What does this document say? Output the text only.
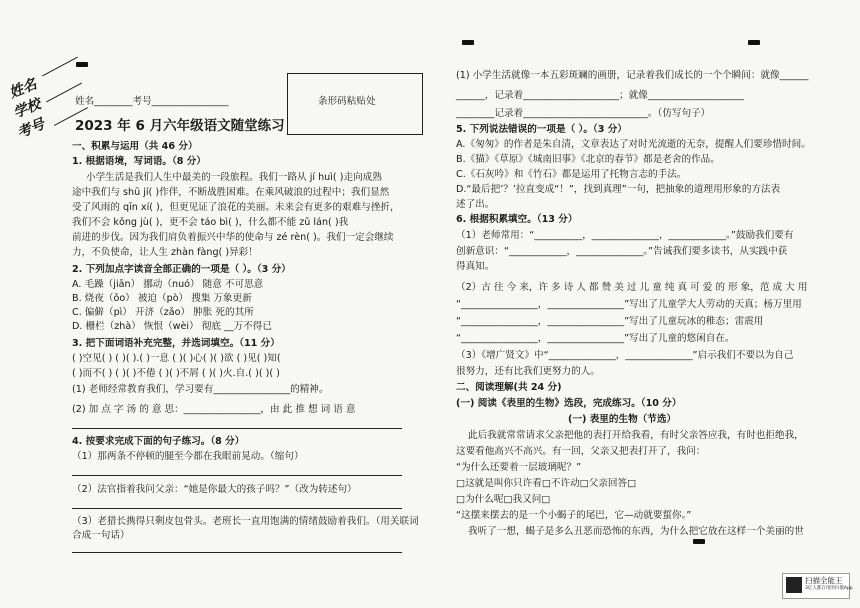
姓名
学校
考号
姓名________考号________________	条形码粘贴处
2023 年 6 月六年级语文随堂练习
一、积累与运用（共 46 分）
1. 根据语境，写词语。（8 分）
小学生活是我们人生中最美的一段旅程。我们一路从 jí huì( )走向成熟
途中我们与 shū jí( )作伴，不断战胜困难。在乘风破浪的过程中；我们显然
受了风雨的 qīn xí( )，但更见证了浪花的美丽。未来会有更多的艰难与挫折，
我们不会 kǒng jù( )，更不会 táo bì( )，什么都不能 zǔ lán( )我
前进的步伐。因为我们肩负着振兴中华的使命与 zé rèn( )。我们一定会继续
力，不负使命，让人生 zhàn fàng( )异彩！
2. 下列加点字读音全部正确的一项是（ ）。（3 分）
A. 毛躁（jiān） 挪动（nuó） 随意 不可思意
B. 烧夜（ōo） 被迫（pò） 搜集 万象更新
C. 偏僻（pì） 开济（zǎo） 肿胀 死的其所
D. 栅栏（zhà） 恢恨（wèi） 彻底 __万不得已
3. 把下面词语补充完整，并选词填空。（11 分）
( )空见( ) ( )( ).( )一息 ( )( )心( )( )欲 ( )见( )知(
( )而不( ) ( )( )不倦 ( )( )不屑 ( )( )火.自.( )( )( )
(1) 老师经常教育我们，学习要有________________的精神。
(2) 加 点 字 汤 的 意 思：________________，由 此 推 想 词 语 意
4. 按要求完成下面的句子练习。（8 分）
（1）那两条不停顿的腿至今都在我眼前晃动。（缩句）
（2）法官指着我问父亲：“她是你最大的孩子吗？”（改为转述句）
（3）老猎长携得只剩皮包骨头。老班长一直用饱满的情绪鼓励着我们。（用关联词
合成一句话）
(1) 小学生活就像一本五彩斑斓的画册，记录着我们成长的一个个瞬间：就像______
______，记录着____________________；就像____________________
________记录着__________________________。（仿写句子）
5. 下列说法错误的一项是（ ）。（3 分）
A.《匆匆》的作者是朱自清，文章表达了对时光流逝的无奈，提醒人们要珍惜时间。
B.《猫》《草原》《城南旧事》《北京的春节》都是老舍的作品。
C.《石灰吟》和《竹石》都是运用了托物言志的手法。
D.“最后把’？’拉直变成“！”，找到真理”一句，把抽象的道理用形象的方法表
述了出。
6. 根据积累填空。（13 分）
（1）老师常用：“__________，______________，____________。”鼓励我们要有
创新意识：“____________，______________。”告诫我们要多读书，从实践中获
得真知。
（2）古 往 今 来，许 多 诗 人 都 赞 美 过 儿 童 纯 真 可 爱 的 形 象，范 成 大 用
“________________，________________”写出了儿童学大人劳动的天真；杨万里用
“________________，________________”写出了儿童玩冰的稚态；雷震用
“________________，________________”写出了儿童的悠闲自在。
（3）《增广贤文》中“______________，______________”启示我们不要以为自己
很努力，还有比我们更努力的人。
二、阅读理解(共 24 分)
(一) 阅读《表里的生物》选段，完成练习。（10 分）
(一) 表里的生物（节选）
此后我就常常请求父亲把他的表打开给我看，有时父亲答应我，有时也拒绝我，
这要看他高兴不高兴。有一回，父亲又把表打开了，我问：
“为什么还要着一层玻璃呢？”
□这就是叫你只许看□不许动□父亲回答□
□为什么呢□我又问□
“这摆来摆去的是一个小蝎子的尾巴，它—动就要蜇你。”
我听了一想，蝎子是多么丑恶而恐怖的东西，为什么把它放在这样一个美丽的世
扫描全能王
3亿人都在用的扫描App
